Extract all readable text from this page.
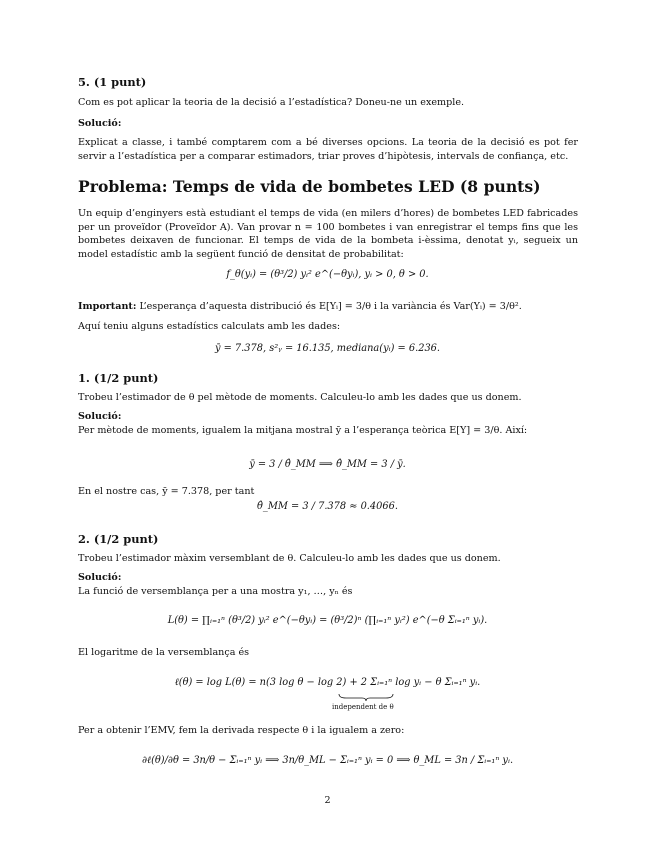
5. (1 punt)
Com es pot aplicar la teoria de la decisió a l’estadística? Doneu-ne un exemple.
Solució:
Explicat a classe, i també comptarem com a bé diverses opcions. La teoria de la decisió es pot fer servir a l’estadística per a comparar estimadors, triar proves d’hipòtesis, intervals de confiança, etc.
Problema: Temps de vida de bombetes LED (8 punts)
Un equip d’enginyers està estudiant el temps de vida (en milers d’hores) de bombetes LED fabricades per un proveïdor (Proveïdor A). Van provar n = 100 bombetes i van enregistrar el temps fins que les bombetes deixaven de funcionar. El temps de vida de la bombeta i-èssima, denotat yᵢ, segueix un model estadístic amb la següent funció de densitat de probabilitat:
f_θ(yᵢ) = (θ³/2) yᵢ² e^(−θyᵢ), yᵢ > 0, θ > 0.
Important: L’esperança d’aquesta distribució és E[Yᵢ] = 3/θ i la variància és Var(Yᵢ) = 3/θ².
Aquí teniu alguns estadístics calculats amb les dades:
ȳ = 7.378, s²ᵧ = 16.135, mediana(yᵢ) = 6.236.
1. (1/2 punt)
Trobeu l’estimador de θ pel mètode de moments. Calculeu-lo amb les dades que us donem.
Solució:
Per mètode de moments, igualem la mitjana mostral ȳ a l’esperança teòrica E[Y] = 3/θ. Així:
ȳ = 3 / θ̂_MM ⟹ θ̂_MM = 3 / ȳ.
En el nostre cas, ȳ = 7.378, per tant
θ̂_MM = 3 / 7.378 ≈ 0.4066.
2. (1/2 punt)
Trobeu l’estimador màxim versemblant de θ. Calculeu-lo amb les dades que us donem.
Solució:
La funció de versemblança per a una mostra y₁, …, yₙ és
L(θ) = ∏ᵢ₌₁ⁿ (θ³/2) yᵢ² e^(−θyᵢ) = (θ³/2)ⁿ (∏ᵢ₌₁ⁿ yᵢ²) e^(−θ Σᵢ₌₁ⁿ yᵢ).
El logaritme de la versemblança és
ℓ(θ) = log L(θ) = n(3 log θ − log 2) + 2 Σᵢ₌₁ⁿ log yᵢ − θ Σᵢ₌₁ⁿ yᵢ.
independent de θ
Per a obtenir l’EMV, fem la derivada respecte θ i la igualem a zero:
∂ℓ(θ)/∂θ = 3n/θ − Σᵢ₌₁ⁿ yᵢ ⟹ 3n/θ_ML − Σᵢ₌₁ⁿ yᵢ = 0 ⟹ θ_ML = 3n / Σᵢ₌₁ⁿ yᵢ.
2
